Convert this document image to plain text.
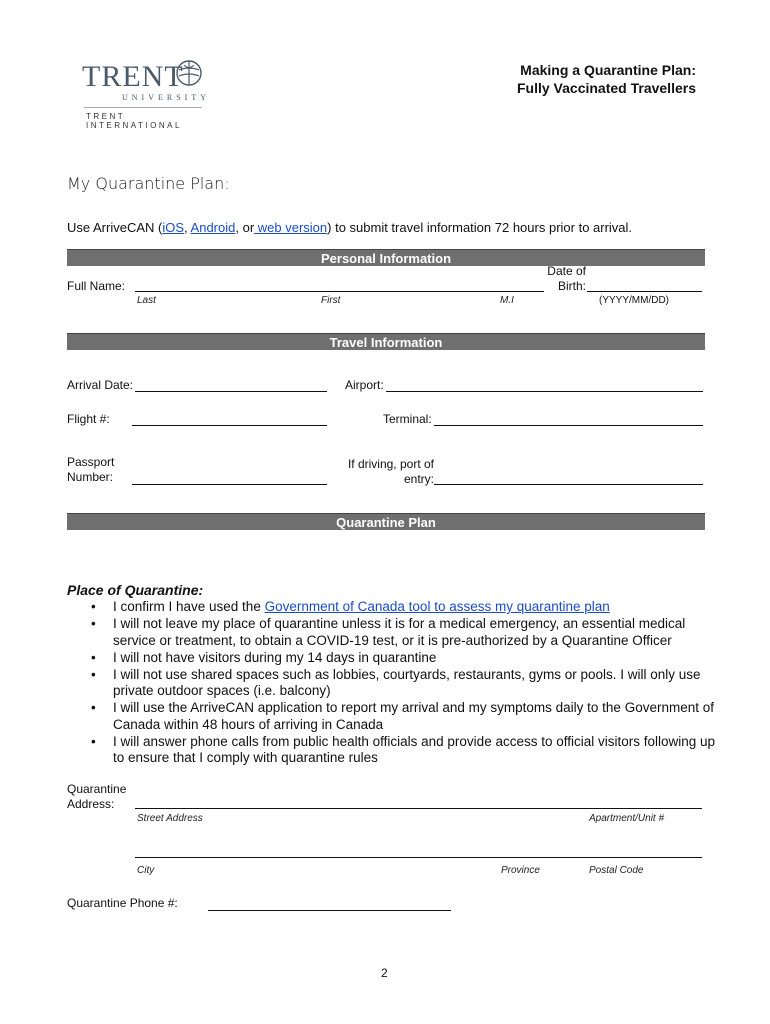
TRENT
UNIVERSITY
TRENT INTERNATIONAL
Making a Quarantine Plan:
Fully Vaccinated Travellers
My Quarantine Plan:
Use ArriveCAN (iOS, Android, or web version) to submit travel information 72 hours prior to arrival.
Personal Information
Full Name:
Date of
Birth:
Last	First	M.I	(YYYY/MM/DD)
Travel Information
Arrival Date:	Airport:
Flight #:	Terminal:
Passport
Number:
If driving, port of
entry:
Quarantine Plan
Place of Quarantine:
• I confirm I have used the Government of Canada tool to assess my quarantine plan
• I will not leave my place of quarantine unless it is for a medical emergency, an essential medical service or treatment, to obtain a COVID-19 test, or it is pre-authorized by a Quarantine Officer
• I will not have visitors during my 14 days in quarantine
• I will not use shared spaces such as lobbies, courtyards, restaurants, gyms or pools. I will only use private outdoor spaces (i.e. balcony)
• I will use the ArriveCAN application to report my arrival and my symptoms daily to the Government of Canada within 48 hours of arriving in Canada
• I will answer phone calls from public health officials and provide access to official visitors following up to ensure that I comply with quarantine rules
Quarantine
Address:
Street Address	Apartment/Unit #
City	Province	Postal Code
Quarantine Phone #:
2
